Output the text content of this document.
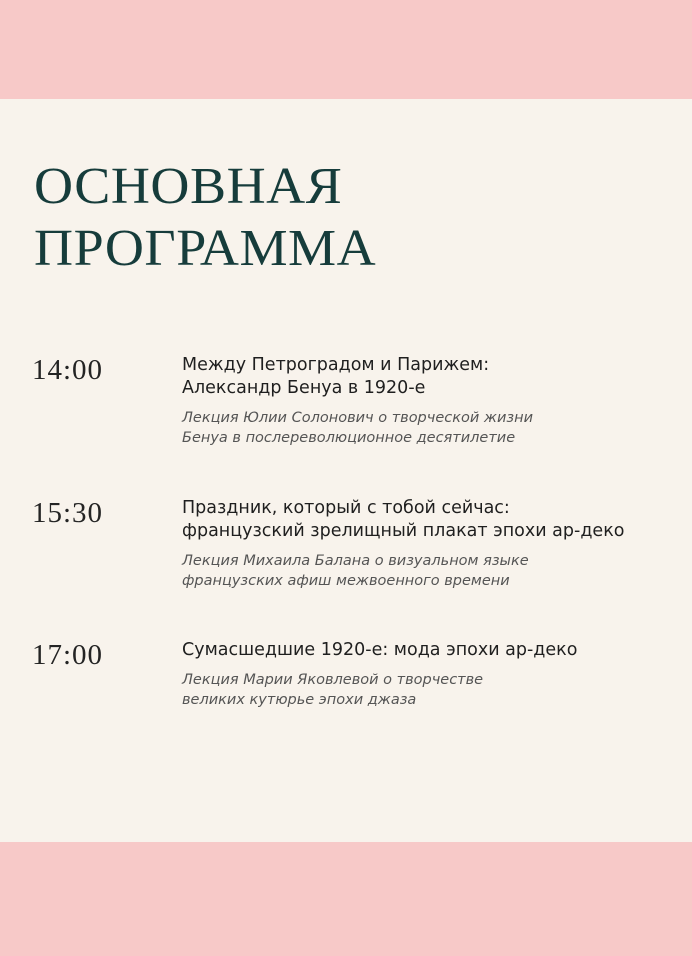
ОСНОВНАЯ
ПРОГРАММА
14:00	Между Петроградом и Парижем:
Александр Бенуа в 1920-е
Лекция Юлии Солонович о творческой жизни
Бенуа в послереволюционное десятилетие
15:30	Праздник, который с тобой сейчас:
французский зрелищный плакат эпохи ар-деко
Лекция Михаила Балана о визуальном языке
французских афиш межвоенного времени
17:00	Сумасшедшие 1920-е: мода эпохи ар-деко
Лекция Марии Яковлевой о творчестве
великих кутюрье эпохи джаза
